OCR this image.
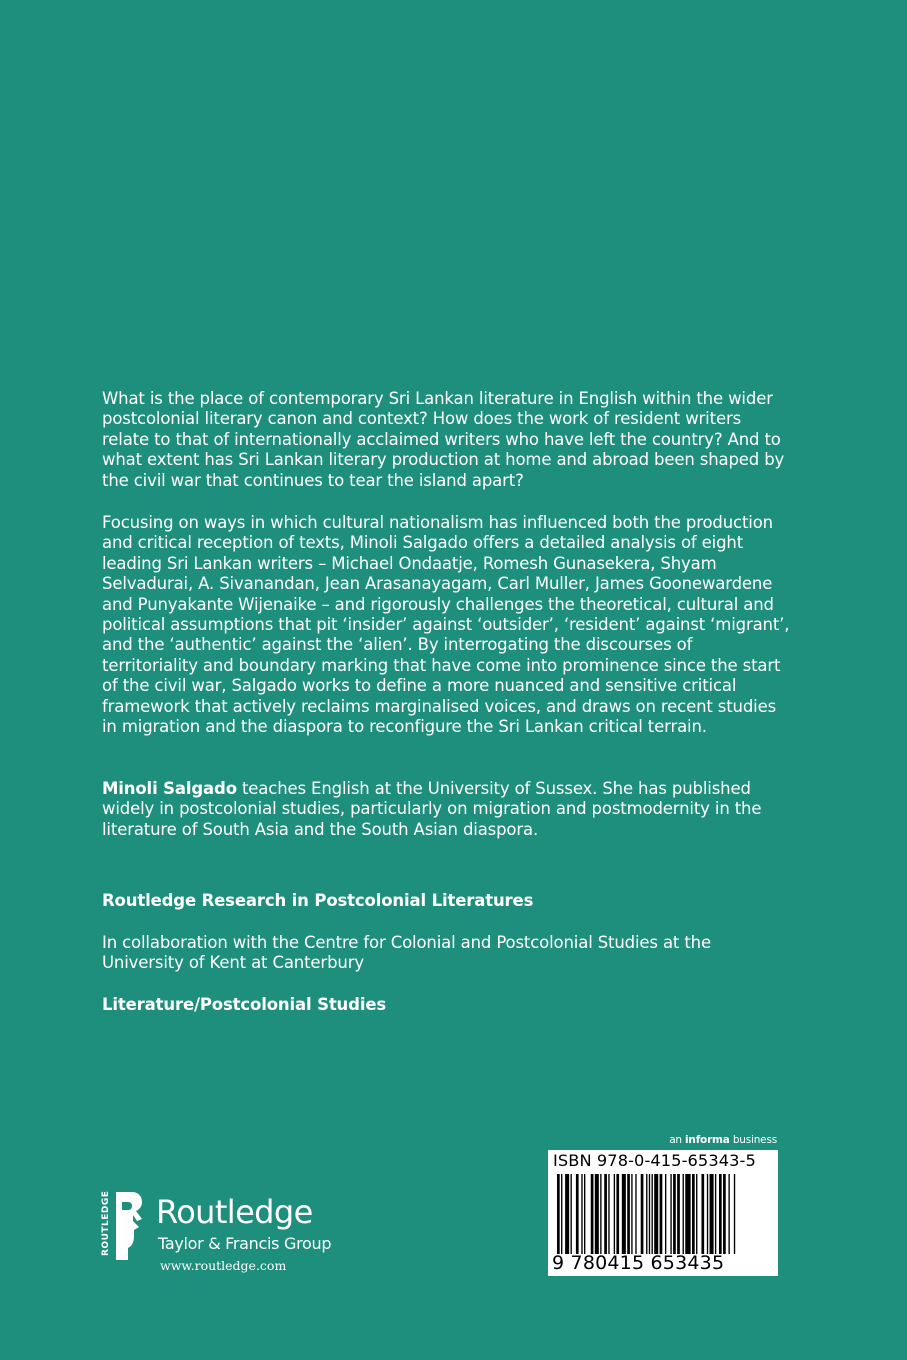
What is the place of contemporary Sri Lankan literature in English within the wider postcolonial literary canon and context? How does the work of resident writers relate to that of internationally acclaimed writers who have left the country? And to what extent has Sri Lankan literary production at home and abroad been shaped by the civil war that continues to tear the island apart?

Focusing on ways in which cultural nationalism has influenced both the production and critical reception of texts, Minoli Salgado offers a detailed analysis of eight leading Sri Lankan writers – Michael Ondaatje, Romesh Gunasekera, Shyam Selvadurai, A. Sivanandan, Jean Arasanayagam, Carl Muller, James Goonewardene and Punyakante Wijenaike – and rigorously challenges the theoretical, cultural and political assumptions that pit ‘insider’ against ‘outsider’, ‘resident’ against ‘migrant’, and the ‘authentic’ against the ‘alien’. By interrogating the discourses of territoriality and boundary marking that have come into prominence since the start of the civil war, Salgado works to define a more nuanced and sensitive critical framework that actively reclaims marginalised voices, and draws on recent studies in migration and the diaspora to reconfigure the Sri Lankan critical terrain.

Minoli Salgado teaches English at the University of Sussex. She has published widely in postcolonial studies, particularly on migration and postmodernity in the literature of South Asia and the South Asian diaspora.

Routledge Research in Postcolonial Literatures
In collaboration with the Centre for Colonial and Postcolonial Studies at the University of Kent at Canterbury
Literature/Postcolonial Studies
ROUTLEDGE Routledge
Taylor & Francis Group
www.routledge.com
an informa business
ISBN 978-0-415-65343-5
9 780415 653435
